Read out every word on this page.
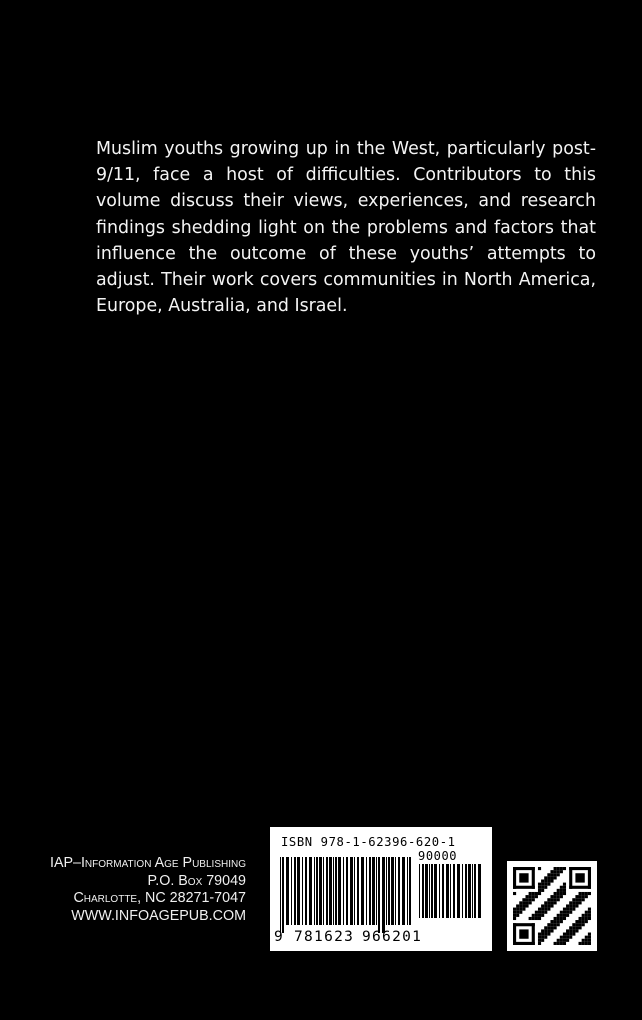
Muslim youths growing up in the West, particularly post-9/11, face a host of difficulties. Contributors to this volume discuss their views, experiences, and research findings shedding light on the problems and factors that influence the outcome of these youths’ attempts to adjust. Their work covers communities in North America, Europe, Australia, and Israel.

IAP–Information Age Publishing
P.O. Box 79049
Charlotte, NC 28271-7047
WWW.INFOAGEPUB.COM
ISBN 978-1-62396-620-1
90000
9 781623 966201
